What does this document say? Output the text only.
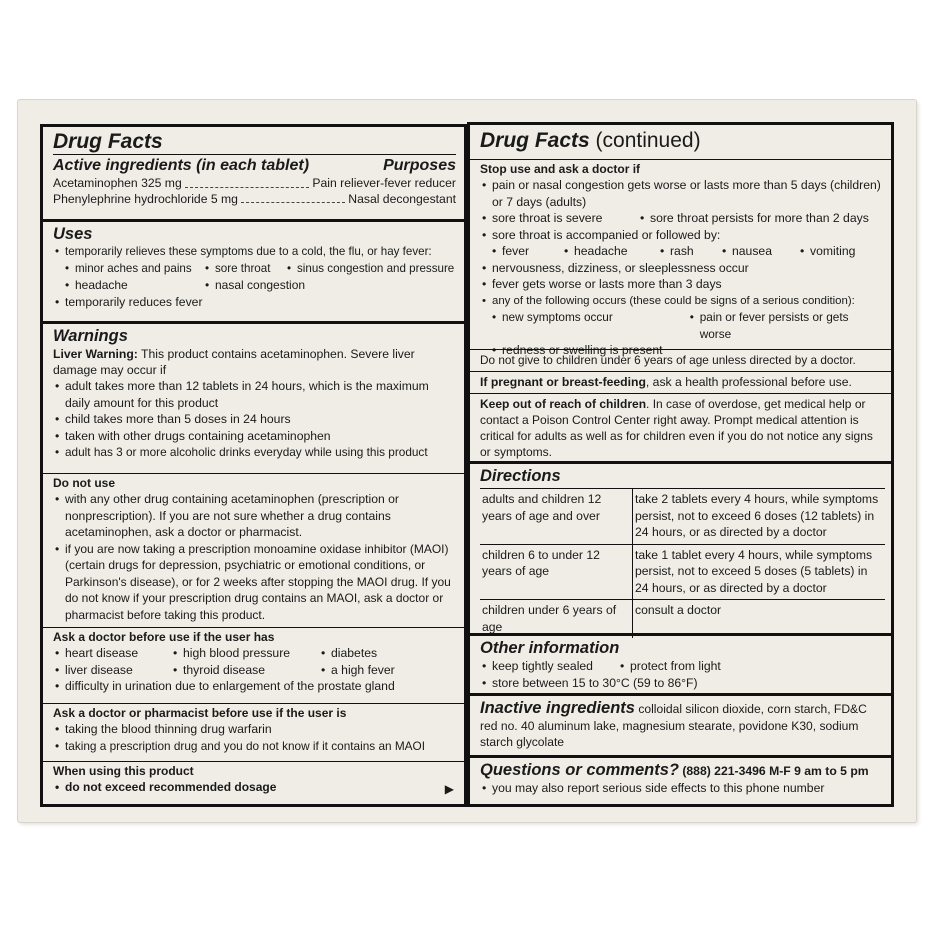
Drug Facts
Active ingredients (in each tablet)	Purposes
Acetaminophen 325 mg	Pain reliever-fever reducer
Phenylephrine hydrochloride 5 mg	Nasal decongestant
Uses
• temporarily relieves these symptoms due to a cold, the flu, or hay fever:
• minor aches and pains	• sore throat	• sinus congestion and pressure
• headache	• nasal congestion
• temporarily reduces fever
Warnings
Liver Warning: This product contains acetaminophen. Severe liver damage may occur if
• adult takes more than 12 tablets in 24 hours, which is the maximum daily amount for this product
• child takes more than 5 doses in 24 hours
• taken with other drugs containing acetaminophen
• adult has 3 or more alcoholic drinks everyday while using this product
Do not use
• with any other drug containing acetaminophen (prescription or nonprescription). If you are not sure whether a drug contains acetaminophen, ask a doctor or pharmacist.
• if you are now taking a prescription monoamine oxidase inhibitor (MAOI) (certain drugs for depression, psychiatric or emotional conditions, or Parkinson's disease), or for 2 weeks after stopping the MAOI drug. If you do not know if your prescription drug contains an MAOI, ask a doctor or pharmacist before taking this product.
Ask a doctor before use if the user has
• heart disease	• high blood pressure	• diabetes
• liver disease	• thyroid disease	• a high fever
• difficulty in urination due to enlargement of the prostate gland
Ask a doctor or pharmacist before use if the user is
• taking the blood thinning drug warfarin
• taking a prescription drug and you do not know if it contains an MAOI
When using this product
• do not exceed recommended dosage	▶
Drug Facts (continued)
Stop use and ask a doctor if
• pain or nasal congestion gets worse or lasts more than 5 days (children) or 7 days (adults)
• sore throat is severe	• sore throat persists for more than 2 days
• sore throat is accompanied or followed by:
• fever	• headache	• rash	• nausea	• vomiting
• nervousness, dizziness, or sleeplessness occur
• fever gets worse or lasts more than 3 days
• any of the following occurs (these could be signs of a serious condition):
• new symptoms occur	• pain or fever persists or gets worse
• redness or swelling is present
Do not give to children under 6 years of age unless directed by a doctor.
If pregnant or breast-feeding, ask a health professional before use.
Keep out of reach of children. In case of overdose, get medical help or contact a Poison Control Center right away. Prompt medical attention is critical for adults as well as for children even if you do not notice any signs or symptoms.
Directions
adults and children 12 years of age and over	take 2 tablets every 4 hours, while symptoms persist, not to exceed 6 doses (12 tablets) in 24 hours, or as directed by a doctor
children 6 to under 12 years of age	take 1 tablet every 4 hours, while symptoms persist, not to exceed 5 doses (5 tablets) in 24 hours, or as directed by a doctor
children under 6 years of age	consult a doctor
Other information
• keep tightly sealed	• protect from light
• store between 15 to 30°C (59 to 86°F)
Inactive ingredients colloidal silicon dioxide, corn starch, FD&C red no. 40 aluminum lake, magnesium stearate, povidone K30, sodium starch glycolate
Questions or comments? (888) 221-3496 M-F 9 am to 5 pm
• you may also report serious side effects to this phone number
